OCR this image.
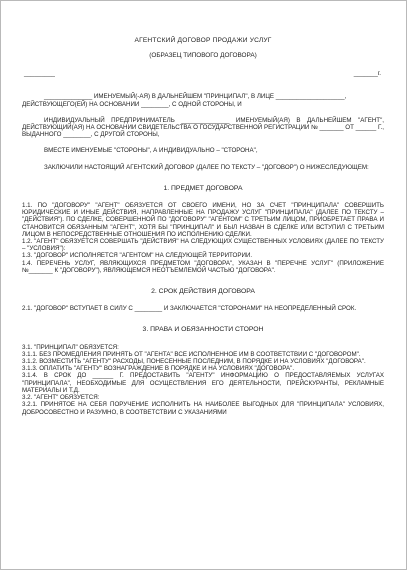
АГЕНТСКИЙ ДОГОВОР ПРОДАЖИ УСЛУГ
(ОБРАЗЕЦ ТИПОВОГО ДОГОВОРА)
_________	_______г.
______________ ИМЕНУЕМЫЙ(-АЯ) В ДАЛЬНЕЙШЕМ "ПРИНЦИПАЛ", В ЛИЦЕ ____________________,
ДЕЙСТВУЮЩЕГО(ЕЙ) НА ОСНОВАНИИ ________, С ОДНОЙ СТОРОНЫ, И
ИНДИВИДУАЛЬНЫЙ ПРЕДПРИНИМАТЕЛЬ ______________ ИМЕНУЕМЫЙ(АЯ) В ДАЛЬНЕЙШЕМ "АГЕНТ", ДЕЙСТВУЮЩИЙ(АЯ) НА ОСНОВАНИИ СВИДЕТЕЛЬСТВА О ГОСУДАРСТВЕННОЙ РЕГИСТРАЦИИ № _______ ОТ ______ Г., ВЫДАННОГО ________, С ДРУГОЙ СТОРОНЫ,
ВМЕСТЕ ИМЕНУЕМЫЕ "СТОРОНЫ", А ИНДИВИДУАЛЬНО – "СТОРОНА",
ЗАКЛЮЧИЛИ НАСТОЯЩИЙ АГЕНТСКИЙ ДОГОВОР (ДАЛЕЕ ПО ТЕКСТУ – "ДОГОВОР") О НИЖЕСЛЕДУЮЩЕМ:
1. ПРЕДМЕТ ДОГОВОРА
1.1. ПО "ДОГОВОРУ" "АГЕНТ" ОБЯЗУЕТСЯ ОТ СВОЕГО ИМЕНИ, НО ЗА СЧЕТ "ПРИНЦИПАЛА" СОВЕРШИТЬ ЮРИДИЧЕСКИЕ И ИНЫЕ ДЕЙСТВИЯ, НАПРАВЛЕННЫЕ НА ПРОДАЖУ УСЛУГ "ПРИНЦИПАЛА" (ДАЛЕЕ ПО ТЕКСТУ – "ДЕЙСТВИЯ"). ПО СДЕЛКЕ, СОВЕРШЕННОЙ ПО "ДОГОВОРУ" "АГЕНТОМ" С ТРЕТЬИМ ЛИЦОМ, ПРИОБРЕТАЕТ ПРАВА И СТАНОВИТСЯ ОБЯЗАННЫМ "АГЕНТ", ХОТЯ БЫ "ПРИНЦИПАЛ" И БЫЛ НАЗВАН В СДЕЛКЕ ИЛИ ВСТУПИЛ С ТРЕТЬИМ ЛИЦОМ В НЕПОСРЕДСТВЕННЫЕ ОТНОШЕНИЯ ПО ИСПОЛНЕНИЮ СДЕЛКИ.
1.2. "АГЕНТ" ОБЯЗУЕТСЯ СОВЕРШАТЬ "ДЕЙСТВИЯ" НА СЛЕДУЮЩИХ СУЩЕСТВЕННЫХ УСЛОВИЯХ (ДАЛЕЕ ПО ТЕКСТУ – "УСЛОВИЯ"):
1.3. "ДОГОВОР" ИСПОЛНЯЕТСЯ "АГЕНТОМ" НА СЛЕДУЮЩЕЙ ТЕРРИТОРИИ.
1.4. ПЕРЕЧЕНЬ УСЛУГ, ЯВЛЯЮЩИХСЯ ПРЕДМЕТОМ "ДОГОВОРА", УКАЗАН В "ПЕРЕЧНЕ УСЛУГ" (ПРИЛОЖЕНИЕ №_______ К "ДОГОВОРУ"), ЯВЛЯЮЩЕМСЯ НЕОТЪЕМЛЕМОЙ ЧАСТЬЮ "ДОГОВОРА".
2. СРОК ДЕЙСТВИЯ ДОГОВОРА
2.1. "ДОГОВОР" ВСТУПАЕТ В СИЛУ С ________ И ЗАКЛЮЧАЕТСЯ "СТОРОНАМИ" НА НЕОПРЕДЕЛЕННЫЙ СРОК.
3. ПРАВА И ОБЯЗАННОСТИ СТОРОН
3.1. "ПРИНЦИПАЛ" ОБЯЗУЕТСЯ:
3.1.1. БЕЗ ПРОМЕДЛЕНИЯ ПРИНЯТЬ ОТ "АГЕНТА" ВСЕ ИСПОЛНЕННОЕ ИМ В СООТВЕТСТВИИ С "ДОГОВОРОМ".
3.1.2. ВОЗМЕСТИТЬ "АГЕНТУ" РАСХОДЫ, ПОНЕСЕННЫЕ ПОСЛЕДНИМ, В ПОРЯДКЕ И НА УСЛОВИЯХ "ДОГОВОРА".
3.1.3. ОПЛАТИТЬ "АГЕНТУ" ВОЗНАГРАЖДЕНИЕ В ПОРЯДКЕ И НА УСЛОВИЯХ "ДОГОВОРА".
3.1.4. В СРОК ДО ______ Г. ПРЕДОСТАВИТЬ "АГЕНТУ" ИНФОРМАЦИЮ О ПРЕДОСТАВЛЯЕМЫХ УСЛУГАХ "ПРИНЦИПАЛА", НЕОБХОДИМЫЕ ДЛЯ ОСУЩЕСТВЛЕНИЯ ЕГО ДЕЯТЕЛЬНОСТИ, ПРЕЙСКУРАНТЫ, РЕКЛАМНЫЕ МАТЕРИАЛЫ И Т.Д.
3.2. "АГЕНТ" ОБЯЗУЕТСЯ:
3.2.1. ПРИНЯТОЕ НА СЕБЯ ПОРУЧЕНИЕ ИСПОЛНИТЬ НА НАИБОЛЕЕ ВЫГОДНЫХ ДЛЯ "ПРИНЦИПАЛА" УСЛОВИЯХ, ДОБРОСОВЕСТНО И РАЗУМНО, В СООТВЕТСТВИИ С УКАЗАНИЯМИ
